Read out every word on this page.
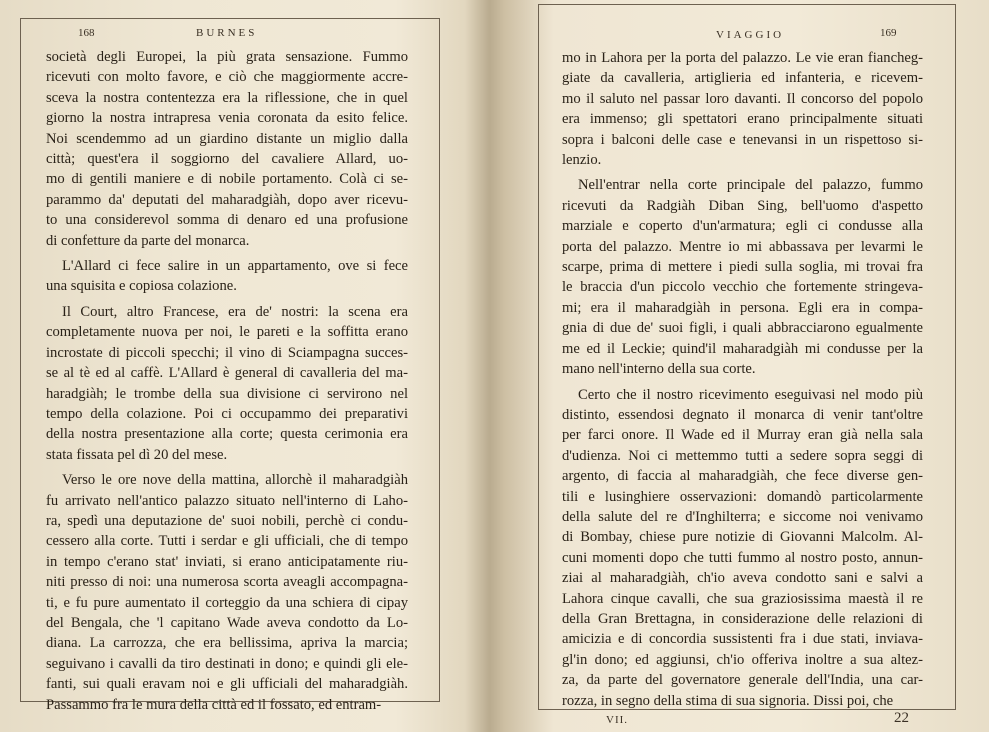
168	BURNES
società degli Europei, la più grata sensazione. Fummo
ricevuti con molto favore, e ciò che maggiormente accre-
sceva la nostra contentezza era la riflessione, che in quel
giorno la nostra intrapresa venia coronata da esito felice.
Noi scendemmo ad un giardino distante un miglio dalla
città; quest'era il soggiorno del cavaliere Allard, uo-
mo di gentili maniere e di nobile portamento. Colà ci se-
parammo da' deputati del maharadgiàh, dopo aver ricevu-
to una considerevol somma di denaro ed una profusione
di confetture da parte del monarca.
L'Allard ci fece salire in un appartamento, ove si fece
una squisita e copiosa colazione.
Il Court, altro Francese, era de' nostri: la scena era
completamente nuova per noi, le pareti e la soffitta erano
incrostate di piccoli specchi; il vino di Sciampagna succes-
se al tè ed al caffè. L'Allard è general di cavalleria del ma-
haradgiàh; le trombe della sua divisione ci servirono nel
tempo della colazione. Poi ci occupammo dei preparativi
della nostra presentazione alla corte; questa cerimonia era
stata fissata pel dì 20 del mese.
Verso le ore nove della mattina, allorchè il maharadgiàh
fu arrivato nell'antico palazzo situato nell'interno di Laho-
ra, spedì una deputazione de' suoi nobili, perchè ci condu-
cessero alla corte. Tutti i serdar e gli ufficiali, che di tempo
in tempo c'erano stat' inviati, si erano anticipatamente riu-
niti presso di noi: una numerosa scorta aveagli accompagna-
ti, e fu pure aumentato il corteggio da una schiera di cipay
del Bengala, che 'l capitano Wade aveva condotto da Lo-
diana. La carrozza, che era bellissima, apriva la marcia;
seguivano i cavalli da tiro destinati in dono; e quindi gli ele-
fanti, sui quali eravam noi e gli ufficiali del maharadgiàh.
Passammo fra le mura della città ed il fossato, ed entram-
VIAGGIO	169
mo in Lahora per la porta del palazzo. Le vie eran fiancheg-
giate da cavalleria, artiglieria ed infanteria, e ricevem-
mo il saluto nel passar loro davanti. Il concorso del popolo
era immenso; gli spettatori erano principalmente situati
sopra i balconi delle case e tenevansi in un rispettoso si-
lenzio.
Nell'entrar nella corte principale del palazzo, fummo
ricevuti da Radgiàh Diban Sing, bell'uomo d'aspetto
marziale e coperto d'un'armatura; egli ci condusse alla
porta del palazzo. Mentre io mi abbassava per levarmi le
scarpe, prima di mettere i piedi sulla soglia, mi trovai fra
le braccia d'un piccolo vecchio che fortemente stringeva-
mi; era il maharadgiàh in persona. Egli era in compa-
gnia di due de' suoi figli, i quali abbracciarono egualmente
me ed il Leckie; quind'il maharadgiàh mi condusse per la
mano nell'interno della sua corte.
Certo che il nostro ricevimento eseguivasi nel modo più
distinto, essendosi degnato il monarca di venir tant'oltre
per farci onore. Il Wade ed il Murray eran già nella sala
d'udienza. Noi ci mettemmo tutti a sedere sopra seggi di
argento, di faccia al maharadgiàh, che fece diverse gen-
tili e lusinghiere osservazioni: domandò particolarmente
della salute del re d'Inghilterra; e siccome noi venivamo
di Bombay, chiese pure notizie di Giovanni Malcolm. Al-
cuni momenti dopo che tutti fummo al nostro posto, annun-
ziai al maharadgiàh, ch'io aveva condotto sani e salvi a
Lahora cinque cavalli, che sua graziosissima maestà il re
della Gran Brettagna, in considerazione delle relazioni di
amicizia e di concordia sussistenti fra i due stati, inviava-
gl'in dono; ed aggiunsi, ch'io offeriva inoltre a sua altez-
za, da parte del governatore generale dell'India, una car-
rozza, in segno della stima di sua signoria. Dissi poi, che
VII.	22
